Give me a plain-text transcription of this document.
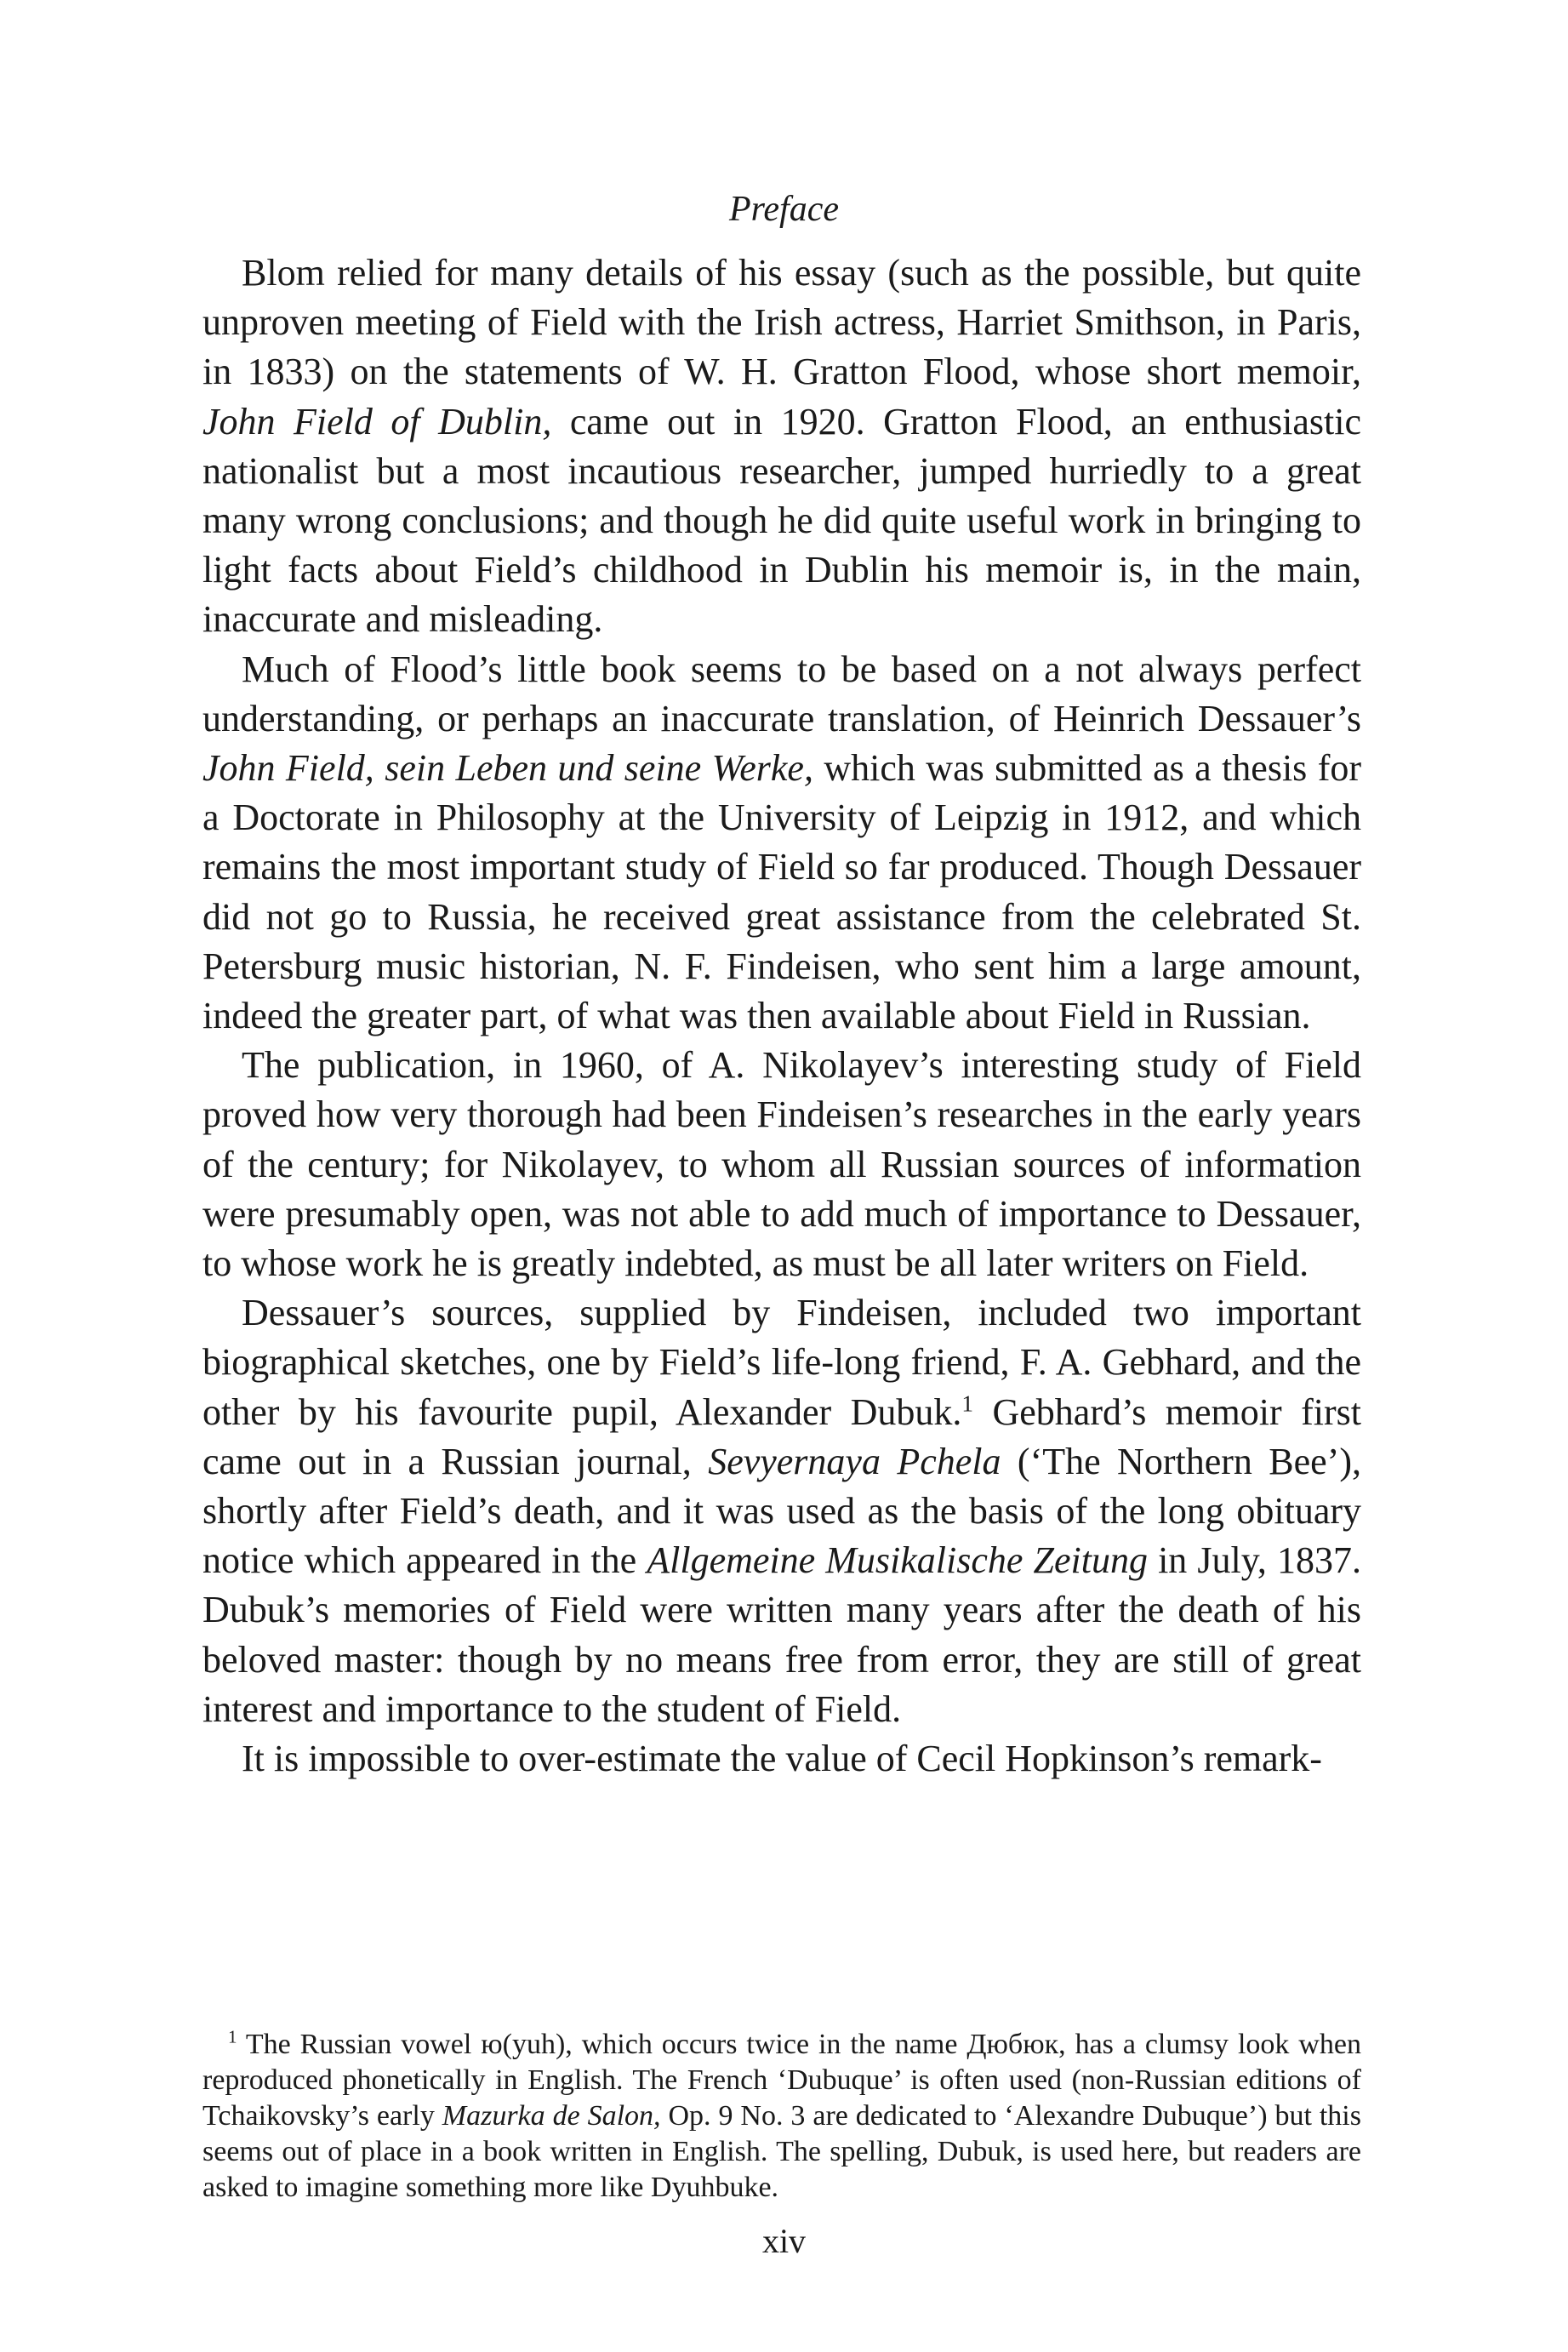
Preface

Blom relied for many details of his essay (such as the possible, but quite unproven meeting of Field with the Irish actress, Harriet Smithson, in Paris, in 1833) on the statements of W. H. Gratton Flood, whose short memoir, John Field of Dublin, came out in 1920. Gratton Flood, an enthusiastic nationalist but a most incautious researcher, jumped hurriedly to a great many wrong conclusions; and though he did quite useful work in bringing to light facts about Field’s childhood in Dublin his memoir is, in the main, inaccurate and misleading.

Much of Flood’s little book seems to be based on a not always perfect understanding, or perhaps an inaccurate translation, of Heinrich Dessauer’s John Field, sein Leben und seine Werke, which was submitted as a thesis for a Doctorate in Philosophy at the University of Leipzig in 1912, and which remains the most important study of Field so far produced. Though Dessauer did not go to Russia, he received great assistance from the celebrated St. Petersburg music historian, N. F. Findeisen, who sent him a large amount, indeed the greater part, of what was then available about Field in Russian.

The publication, in 1960, of A. Nikolayev’s interesting study of Field proved how very thorough had been Findeisen’s researches in the early years of the century; for Nikolayev, to whom all Russian sources of information were presumably open, was not able to add much of importance to Dessauer, to whose work he is greatly indebted, as must be all later writers on Field.

Dessauer’s sources, supplied by Findeisen, included two important biographical sketches, one by Field’s life-long friend, F. A. Gebhard, and the other by his favourite pupil, Alexander Dubuk.$^1$ Gebhard’s memoir first came out in a Russian journal, Sevyernaya Pchela (‘The Northern Bee’), shortly after Field’s death, and it was used as the basis of the long obituary notice which appeared in the Allgemeine Musikalische Zeitung in July, 1837. Dubuk’s memories of Field were written many years after the death of his beloved master: though by no means free from error, they are still of great interest and importance to the student of Field.

It is impossible to over-estimate the value of Cecil Hopkinson’s remark-

$^1$ The Russian vowel ю(yuh), which occurs twice in the name Дюбюк, has a clumsy look when reproduced phonetically in English. The French ‘Dubuque’ is often used (non-Russian editions of Tchaikovsky’s early Mazurka de Salon, Op. 9 No. 3 are dedicated to ‘Alexandre Dubuque’) but this seems out of place in a book written in English. The spelling, Dubuk, is used here, but readers are asked to imagine something more like Dyuhbuke.

xiv
